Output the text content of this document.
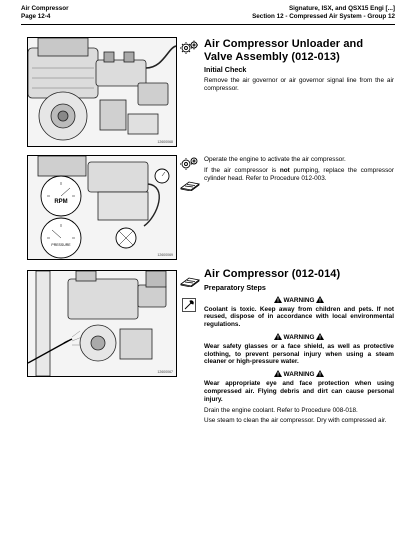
Air Compressor
Page 12-4
Signature, ISX, and QSX15 Engi [...]
Section 12 - Compressed Air System - Group 12
12600068
Air Compressor Unloader and Valve Assembly (012-013)
Initial Check

Remove the air governor or air governor signal line from the air compressor.

RPM
PRESSURE
12600069

Operate the engine to activate the air compressor.

If the air compressor is not pumping, replace the compressor cylinder head. Refer to Procedure 012-003.

12600067
Air Compressor (012-014)
Preparatory Steps
WARNING

Coolant is toxic. Keep away from children and pets. If not reused, dispose of in accordance with local environmental regulations.

WARNING

Wear safety glasses or a face shield, as well as protective clothing, to prevent personal injury when using a steam cleaner or high-pressure water.

WARNING

Wear appropriate eye and face protection when using compressed air. Flying debris and dirt can cause personal injury.

Drain the engine coolant. Refer to Procedure 008-018.

Use steam to clean the air compressor. Dry with compressed air.
